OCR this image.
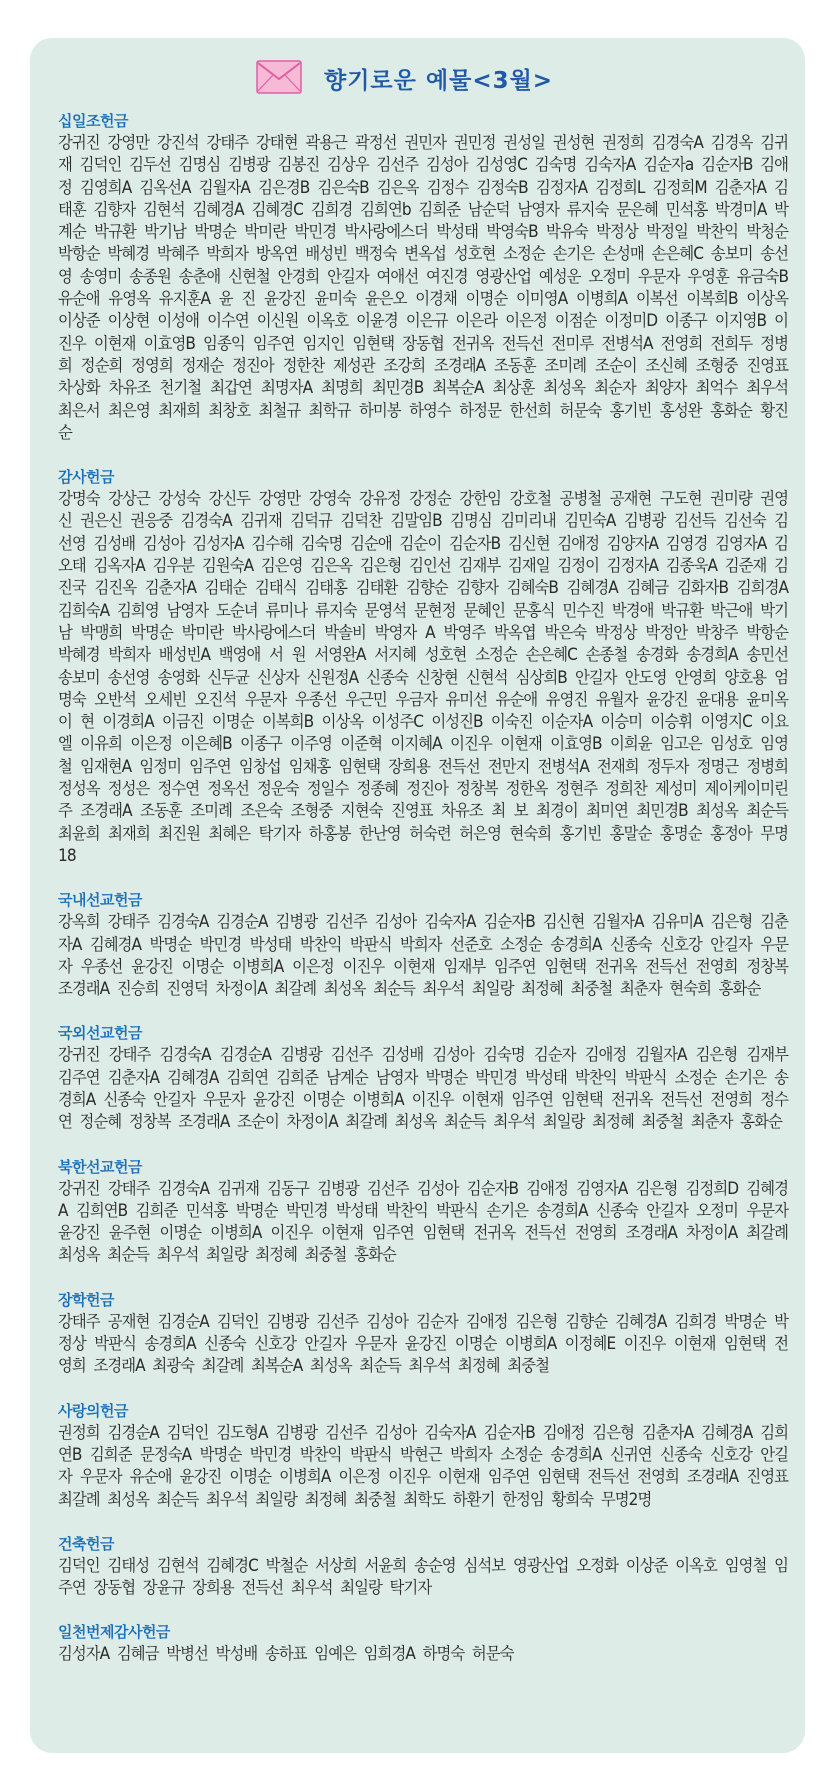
향기로운 예물<3월>
십일조헌금
강귀진 강영만 강진석 강태주 강태현 곽용근 곽정선 권민자 권민정 권성일 권성현 권정희 김경숙A 김경옥 김귀재 김덕인 김두선 김명심 김병광 김봉진 김상우 김선주 김성아 김성영C 김숙명 김숙자A 김순자a 김순자B 김애정 김영희A 김옥선A 김월자A 김은경B 김은숙B 김은옥 김정수 김정숙B 김정자A 김정희L 김정희M 김춘자A 김태훈 김향자 김현석 김혜경A 김혜경C 김희경 김희연b 김희준 남순덕 남영자 류지숙 문은혜 민석홍 박경미A 박계순 박규환 박기남 박명순 박미란 박민경 박사랑에스더 박성태 박영숙B 박유숙 박정상 박정일 박찬익 박청순 박항순 박혜경 박혜주 박희자 방옥연 배성빈 백정숙 변옥섭 성호현 소정순 손기은 손성매 손은혜C 송보미 송선영 송영미 송종원 송춘애 신현철 안경희 안길자 여애선 여진경 영광산업 예성운 오정미 우문자 우영훈 유금숙B 유순애 유영옥 유지훈A 윤 진 윤강진 윤미숙 윤은오 이경채 이명순 이미영A 이병희A 이복선 이복희B 이상옥 이상준 이상현 이성애 이수연 이신원 이옥호 이윤경 이은규 이은라 이은정 이점순 이정미D 이종구 이지영B 이진우 이현재 이효영B 임종익 임주연 임지인 임현택 장동협 전귀옥 전득선 전미루 전병석A 전영희 전희두 정병희 정순희 정영희 정재순 정진아 정한찬 제성관 조강희 조경래A 조동훈 조미례 조순이 조신혜 조형중 진영표 차상화 차유조 천기철 최갑연 최명자A 최명희 최민경B 최복순A 최상훈 최성옥 최순자 최양자 최억수 최우석 최은서 최은영 최재희 최창호 최철규 최학규 하미봉 하영수 하정문 한선희 허문숙 홍기빈 홍성완 홍화순 황진순
감사헌금
강명숙 강상근 강성숙 강신두 강영만 강영숙 강유정 강정순 강한임 강호철 공병철 공재현 구도현 권미량 권영신 권은신 권응중 김경숙A 김귀재 김덕규 김덕찬 김말임B 김명심 김미리내 김민숙A 김병광 김선득 김선숙 김선영 김성배 김성아 김성자A 김수해 김숙명 김순애 김순이 김순자B 김신현 김애정 김양자A 김영경 김영자A 김오태 김옥자A 김우분 김원숙A 김은영 김은옥 김은형 김인선 김재부 김재일 김정이 김정자A 김종욱A 김준재 김진국 김진옥 김춘자A 김태순 김태식 김태홍 김태환 김향순 김향자 김혜숙B 김혜경A 김혜금 김화자B 김희경A 김희숙A 김희영 남영자 도순녀 류미나 류지숙 문영석 문현정 문혜인 문홍식 민수진 박경애 박규환 박근애 박기남 박맹희 박명순 박미란 박사랑에스더 박솔비 박영자 A 박영주 박옥엽 박은숙 박정상 박정안 박창주 박항순 박혜경 박희자 배성빈A 백영애 서 원 서영완A 서지혜 성호현 소정순 손은혜C 손종철 송경화 송경희A 송민선 송보미 송선영 송영화 신두균 신상자 신원정A 신종숙 신창현 신현석 심상희B 안길자 안도영 안영희 양호용 엄명숙 오반석 오세빈 오진석 우문자 우종선 우근민 우금자 유미선 유순애 유영진 유월자 윤강진 윤대용 윤미옥 이 현 이경희A 이금진 이명순 이복희B 이상옥 이성주C 이성진B 이숙진 이순자A 이승미 이승휘 이영지C 이요엘 이유희 이은정 이은혜B 이종구 이주영 이준혁 이지혜A 이진우 이현재 이효영B 이희윤 임고은 임성호 임영철 임재현A 임정미 임주연 임창섭 임채홍 임현택 장희용 전득선 전만지 전병석A 전재희 정두자 정명근 정병희 정성옥 정성은 정수연 정옥선 정운숙 정일수 정종혜 정진아 정창복 정한옥 정현주 정희찬 제성미 제이케이미린주 조경래A 조동훈 조미례 조은숙 조형중 지현숙 진영표 차유조 최 보 최경이 최미연 최민경B 최성옥 최순득 최윤희 최재희 최진원 최혜은 탁기자 하홍봉 한난영 허숙련 허은영 현숙희 홍기빈 홍말순 홍명순 홍정아 무명18
국내선교헌금
강옥희 강태주 김경숙A 김경순A 김병광 김선주 김성아 김숙자A 김순자B 김신현 김월자A 김유미A 김은형 김춘자A 김혜경A 박명순 박민경 박성태 박찬익 박판식 박희자 선준호 소정순 송경희A 신종숙 신호강 안길자 우문자 우종선 윤강진 이명순 이병희A 이은정 이진우 이현재 임재부 임주연 임현택 전귀옥 전득선 전영희 정창복 조경래A 진승희 진영덕 차정이A 최갈례 최성옥 최순득 최우석 최일랑 최정혜 최중철 최춘자 현숙희 홍화순
국외선교헌금
강귀진 강태주 김경숙A 김경순A 김병광 김선주 김성배 김성아 김숙명 김순자 김애정 김월자A 김은형 김재부 김주연 김춘자A 김혜경A 김희연 김희준 남계순 남영자 박명순 박민경 박성태 박찬익 박판식 소정순 손기은 송경희A 신종숙 안길자 우문자 윤강진 이명순 이병희A 이진우 이현재 임주연 임현택 전귀옥 전득선 전영희 정수연 정순혜 정창복 조경래A 조순이 차정이A 최갈례 최성옥 최순득 최우석 최일랑 최정혜 최중철 최춘자 홍화순
북한선교헌금
강귀진 강태주 김경숙A 김귀재 김동구 김병광 김선주 김성아 김순자B 김애정 김영자A 김은형 김정희D 김혜경A 김희연B 김희준 민석홍 박명순 박민경 박성태 박찬익 박판식 손기은 송경희A 신종숙 안길자 오정미 우문자 윤강진 윤주현 이명순 이병희A 이진우 이현재 임주연 임현택 전귀옥 전득선 전영희 조경래A 차정이A 최갈례 최성옥 최순득 최우석 최일랑 최정혜 최중철 홍화순
장학헌금
강태주 공재현 김경순A 김덕인 김병광 김선주 김성아 김순자 김애정 김은형 김향순 김혜경A 김희경 박명순 박정상 박판식 송경희A 신종숙 신호강 안길자 우문자 윤강진 이명순 이병희A 이정혜E 이진우 이현재 임현택 전영희 조경래A 최광숙 최갈례 최복순A 최성옥 최순득 최우석 최정혜 최중철
사랑의헌금
권정희 김경순A 김덕인 김도형A 김병광 김선주 김성아 김숙자A 김순자B 김애정 김은형 김춘자A 김혜경A 김희연B 김희준 문정숙A 박명순 박민경 박찬익 박판식 박현근 박희자 소정순 송경희A 신귀연 신종숙 신호강 안길자 우문자 유순애 윤강진 이명순 이병희A 이은정 이진우 이현재 임주연 임현택 전득선 전영희 조경래A 진영표 최갈례 최성옥 최순득 최우석 최일랑 최정혜 최중철 최학도 하환기 한정임 황희숙 무명2명
건축헌금
김덕인 김태성 김현석 김혜경C 박철순 서상희 서윤희 송순영 심석보 영광산업 오정화 이상준 이옥호 임영철 임주연 장동협 장윤규 장희용 전득선 최우석 최일랑 탁기자
일천번제감사헌금
김성자A 김혜금 박병선 박성배 송하표 임예은 임희경A 하명숙 허문숙
